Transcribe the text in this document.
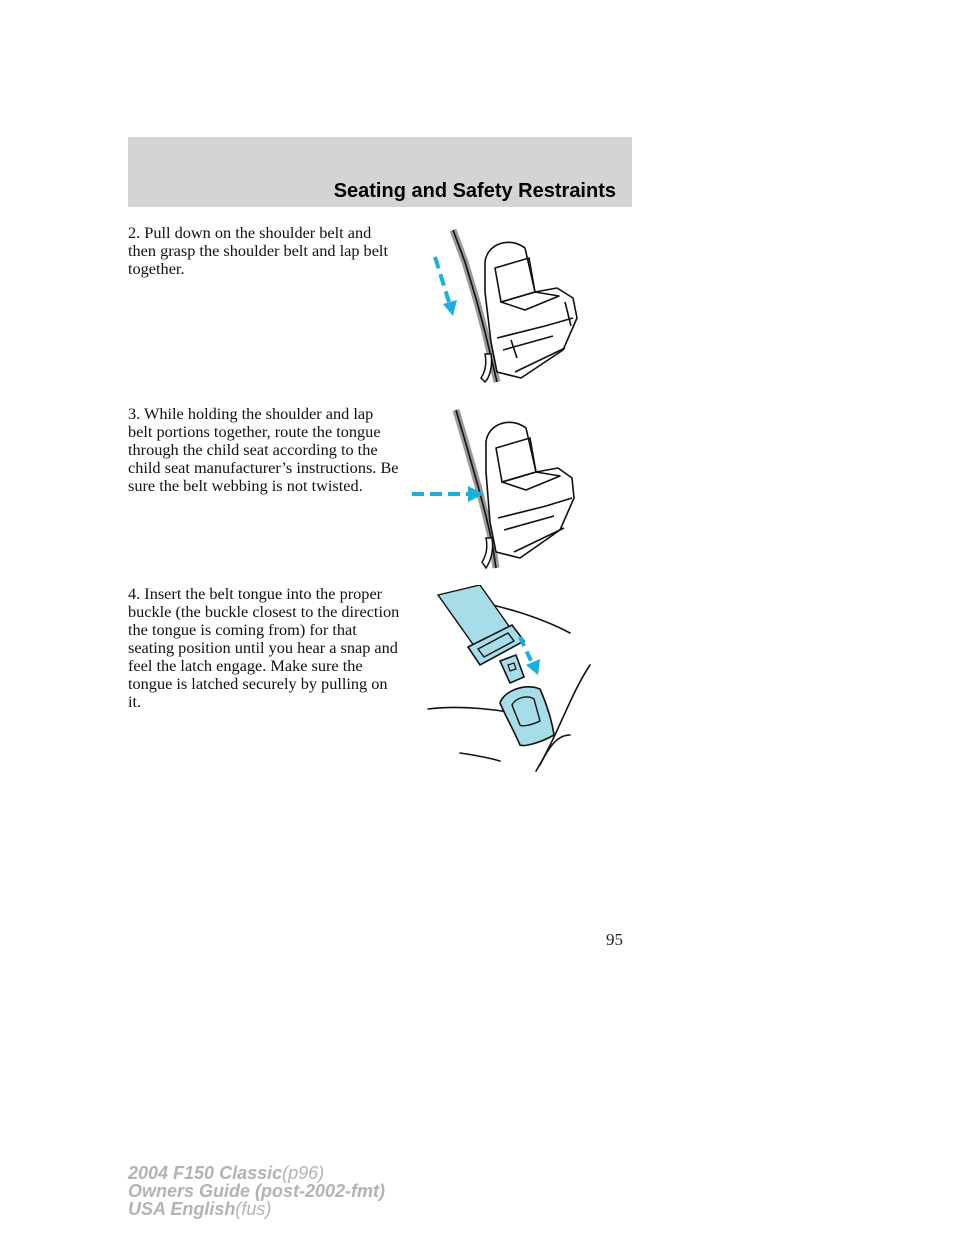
Seating and Safety Restraints

2. Pull down on the shoulder belt and then grasp the shoulder belt and lap belt together.

3. While holding the shoulder and lap belt portions together, route the tongue through the child seat according to the child seat manufacturer’s instructions. Be sure the belt webbing is not twisted.

4. Insert the belt tongue into the proper buckle (the buckle closest to the direction the tongue is coming from) for that seating position until you hear a snap and feel the latch engage. Make sure the tongue is latched securely by pulling on it.

95
2004 F150 Classic(p96)
Owners Guide (post-2002-fmt)
USA English(fus)
